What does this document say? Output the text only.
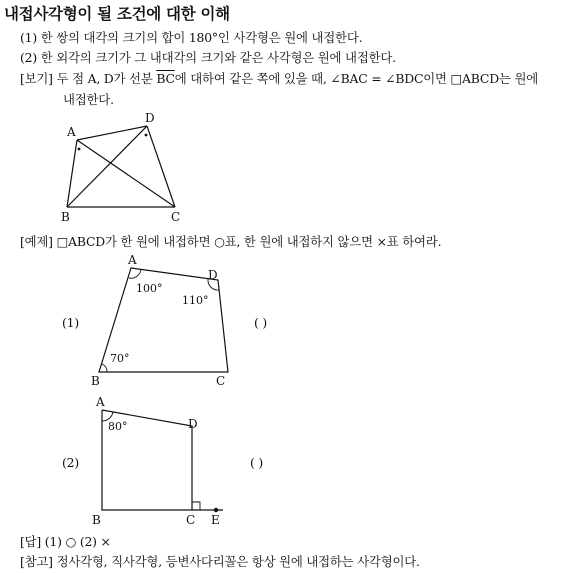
내접사각형이 될 조건에 대한 이해
(1) 한 쌍의 대각의 크기의 합이 180°인 사각형은 원에 내접한다.
(2) 한 외각의 크기가 그 내대각의 크기와 같은 사각형은 원에 내접한다.
[보기] 두 점 A, D가 선분 $\overline{BC}$에 대하여 같은 쪽에 있을 때, ∠BAC = ∠BDC이면 □ABCD는 원에
내접한다.
A
D
B	C
[예제] □ABCD가 한 원에 내접하면 ○표, 한 원에 내접하지 않으면 ×표 하여라.
(1)	( )
A
D
B	C
100°
110°
70°
(2)	( )
A
D
B	C E
80°
[답] (1) ○ (2) ×
[참고] 정사각형, 직사각형, 등변사다리꼴은 항상 원에 내접하는 사각형이다.
